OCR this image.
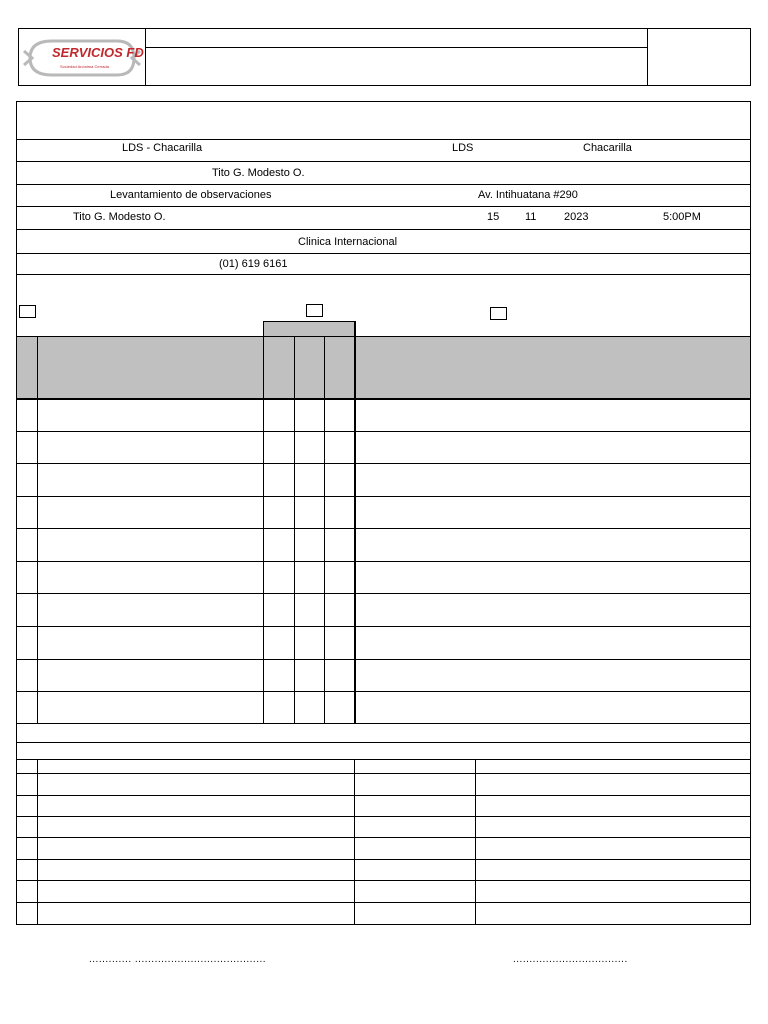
SERVICIOS FD
Sociedad Anónima Cerrada
LDS - Chacarilla	LDS	Chacarilla
Tito G. Modesto O.
Levantamiento de observaciones	Av. Intihuatana #290
Tito G. Modesto O.	15 11	2023	5:00PM
Clinica Internacional
(01) 619 6161
............. ........................................	...................................
